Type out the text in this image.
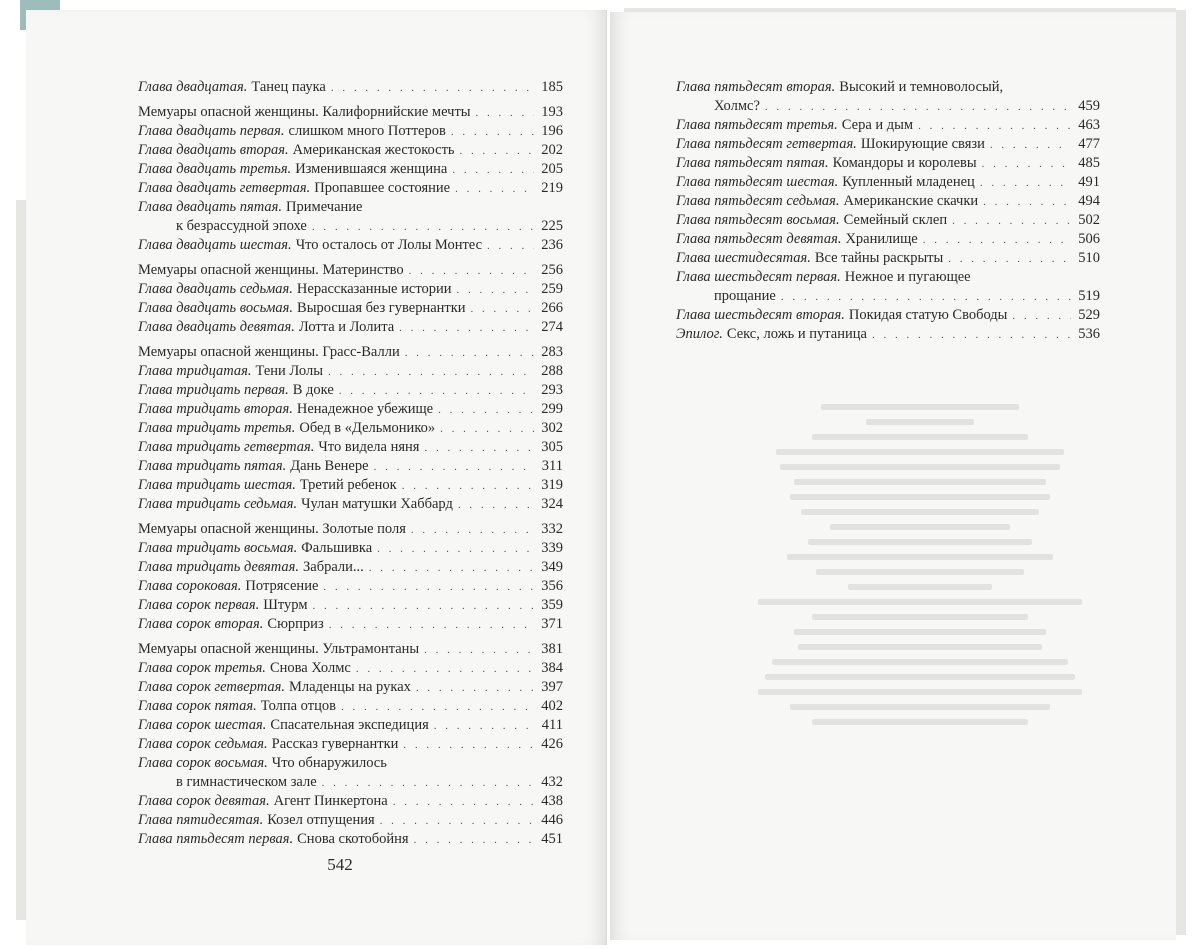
Глава двадцатая. Танец паука . . .	185
Мемуары опасной женщины. Калифорнийские мечты . . .	193
Глава двадцать первая. слишком много Поттеров . . .	196
Глава двадцать вторая. Американская жестокость . . .	202
Глава двадцать третья. Изменившаяся женщина . . .	205
Глава двадцать гетвертая. Пропавшее состояние . . .	219
Глава двадцать пятая. Примечание
к безрассудной эпохе . . .	225
Глава двадцать шестая. Что осталось от Лолы Монтес . . .	236
Мемуары опасной женщины. Материнство . . .	256
Глава двадцать седьмая. Нерассказанные истории . . .	259
Глава двадцать восьмая. Выросшая без гувернантки . . .	266
Глава двадцать девятая. Лотта и Лолита . . .	274
Мемуары опасной женщины. Грасс-Валли . . .	283
Глава тридцатая. Тени Лолы . . .	288
Глава тридцать первая. В доке . . .	293
Глава тридцать вторая. Ненадежное убежище . . .	299
Глава тридцать третья. Обед в «Дельмонико» . . .	302
Глава тридцать гетвертая. Что видела няня . . .	305
Глава тридцать пятая. Дань Венере . . .	311
Глава тридцать шестая. Третий ребенок . . .	319
Глава тридцать седьмая. Чулан матушки Хаббард . . .	324
Мемуары опасной женщины. Золотые поля . . .	332
Глава тридцать восьмая. Фальшивка . . .	339
Глава тридцать девятая. Забрали... . . .	349
Глава сороковая. Потрясение . . .	356
Глава сорок первая. Штурм . . .	359
Глава сорок вторая. Сюрприз . . .	371
Мемуары опасной женщины. Ультрамонтаны . . .	381
Глава сорок третья. Снова Холмс . . .	384
Глава сорок гетвертая. Младенцы на руках . . .	397
Глава сорок пятая. Толпа отцов . . .	402
Глава сорок шестая. Спасательная экспедиция . . .	411
Глава сорок седьмая. Рассказ гувернантки . . .	426
Глава сорок восьмая. Что обнаружилось
в гимнастическом зале . . .	432
Глава сорок девятая. Агент Пинкертона . . .	438
Глава пятидесятая. Козел отпущения . . .	446
Глава пятьдесят первая. Снова скотобойня . . .	451
Глава пятьдесят вторая. Высокий и темноволосый,
Холмс? . . .	459
Глава пятьдесят третья. Сера и дым . . .	463
Глава пятьдесят гетвертая. Шокирующие связи . . .	477
Глава пятьдесят пятая. Командоры и королевы . . .	485
Глава пятьдесят шестая. Купленный младенец . . .	491
Глава пятьдесят седьмая. Американские скачки . . .	494
Глава пятьдесят восьмая. Семейный склеп . . .	502
Глава пятьдесят девятая. Хранилище . . .	506
Глава шестидесятая. Все тайны раскрыты . . .	510
Глава шестьдесят первая. Нежное и пугающее
прощание . . .	519
Глава шестьдесят вторая. Покидая статую Свободы . . .	529
Эпилог. Секс, ложь и путаница . . .	536
542
